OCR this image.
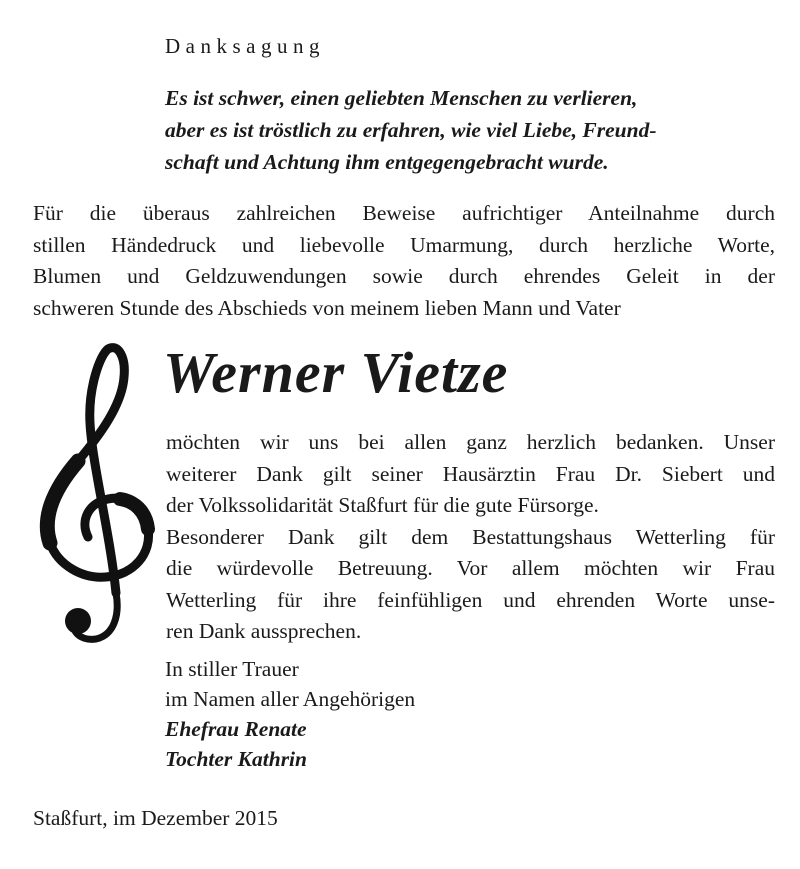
Danksagung
Es ist schwer, einen geliebten Menschen zu verlieren,
aber es ist tröstlich zu erfahren, wie viel Liebe, Freund-
schaft und Achtung ihm entgegengebracht wurde.
Für die überaus zahlreichen Beweise aufrichtiger Anteilnahme durch
stillen Händedruck und liebevolle Umarmung, durch herzliche Worte,
Blumen und Geldzuwendungen sowie durch ehrendes Geleit in der
schweren Stunde des Abschieds von meinem lieben Mann und Vater
Werner Vietze
möchten wir uns bei allen ganz herzlich bedanken. Unser
weiterer Dank gilt seiner Hausärztin Frau Dr. Siebert und
der Volkssolidarität Staßfurt für die gute Fürsorge.
Besonderer Dank gilt dem Bestattungshaus Wetterling für
die würdevolle Betreuung. Vor allem möchten wir Frau
Wetterling für ihre feinfühligen und ehrenden Worte unse-
ren Dank aussprechen.
In stiller Trauer
im Namen aller Angehörigen
Ehefrau Renate
Tochter Kathrin
Staßfurt, im Dezember 2015
